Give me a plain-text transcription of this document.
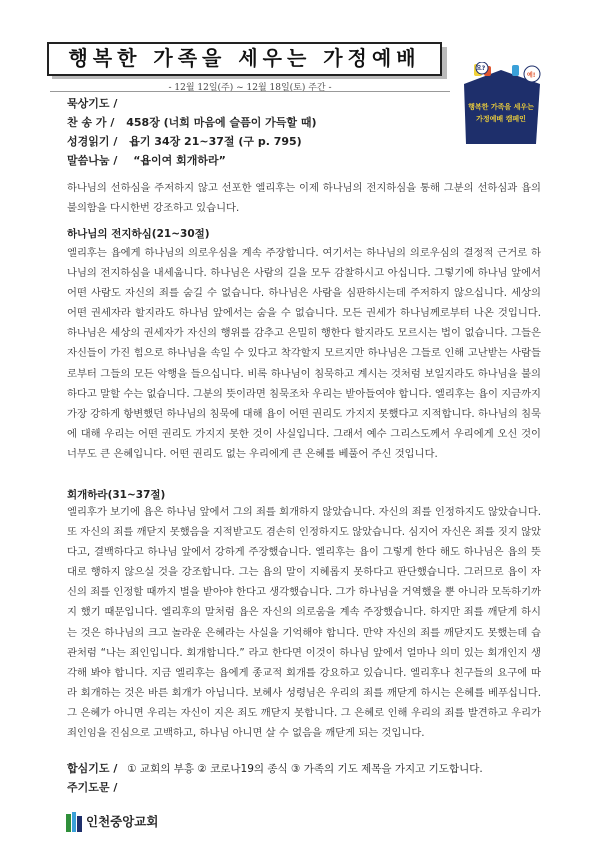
행복한 가족을 세우는 가정예배
- 12월 12일(주) ~ 12월 18일(토) 주간 -
요?
예!
행복한 가족을 세우는
가정예배 캠페인
묵상기도 /
찬 송 가 / 458장 (너희 마음에 슬픔이 가득할 때)
성경읽기 / 욥기 34장 21~37절 (구 p. 795)
말씀나눔 / “욥이여 회개하라”
하나님의 선하심을 주저하지 않고 선포한 엘리후는 이제 하나님의 전지하심을 통해 그분의 선하심과 욥의 불의함을 다시한번 강조하고 있습니다.
하나님의 전지하심(21~30절)
엘리후는 욥에게 하나님의 의로우심을 계속 주장합니다. 여기서는 하나님의 의로우심의 결정적 근거로 하나님의 전지하심을 내세웁니다. 하나님은 사람의 길을 모두 감찰하시고 아십니다. 그렇기에 하나님 앞에서 어떤 사람도 자신의 죄를 숨길 수 없습니다. 하나님은 사람을 심판하시는데 주저하지 않으십니다. 세상의 어떤 권세자라 할지라도 하나님 앞에서는 숨을 수 없습니다. 모든 권세가 하나님께로부터 나온 것입니다. 하나님은 세상의 권세자가 자신의 행위를 감추고 은밀히 행한다 할지라도 모르시는 법이 없습니다. 그들은 자신들이 가진 힘으로 하나님을 속일 수 있다고 착각할지 모르지만 하나님은 그들로 인해 고난받는 사람들로부터 그들의 모든 악행을 들으십니다. 비록 하나님이 침묵하고 계시는 것처럼 보일지라도 하나님을 불의하다고 말할 수는 없습니다. 그분의 뜻이라면 침묵조차 우리는 받아들여야 합니다. 엘리후는 욥이 지금까지 가장 강하게 항변했던 하나님의 침묵에 대해 욥이 어떤 권리도 가지지 못했다고 지적합니다. 하나님의 침묵에 대해 우리는 어떤 권리도 가지지 못한 것이 사실입니다. 그래서 예수 그리스도께서 우리에게 오신 것이 너무도 큰 은혜입니다. 어떤 권리도 없는 우리에게 큰 은혜를 베풀어 주신 것입니다.
회개하라(31~37절)
엘리후가 보기에 욥은 하나님 앞에서 그의 죄를 회개하지 않았습니다. 자신의 죄를 인정하지도 않았습니다. 또 자신의 죄를 깨닫지 못했음을 지적받고도 겸손히 인정하지도 않았습니다. 심지어 자신은 죄를 짓지 않았다고, 결백하다고 하나님 앞에서 강하게 주장했습니다. 엘리후는 욥이 그렇게 한다 해도 하나님은 욥의 뜻대로 행하지 않으실 것을 강조합니다. 그는 욥의 말이 지혜롭지 못하다고 판단했습니다. 그러므로 욥이 자신의 죄를 인정할 때까지 벌을 받아야 한다고 생각했습니다. 그가 하나님을 거역했을 뿐 아니라 모독하기까지 했기 때문입니다. 엘리후의 말처럼 욥은 자신의 의로움을 계속 주장했습니다. 하지만 죄를 깨닫게 하시는 것은 하나님의 크고 놀라운 은혜라는 사실을 기억해야 합니다. 만약 자신의 죄를 깨닫지도 못했는데 습관처럼 “나는 죄인입니다. 회개합니다.” 라고 한다면 이것이 하나님 앞에서 얼마나 의미 있는 회개인지 생각해 봐야 합니다. 지금 엘리후는 욥에게 종교적 회개를 강요하고 있습니다. 엘리후나 친구들의 요구에 따라 회개하는 것은 바른 회개가 아닙니다. 보혜사 성령님은 우리의 죄를 깨닫게 하시는 은혜를 베푸십니다. 그 은혜가 아니면 우리는 자신이 지은 죄도 깨닫지 못합니다. 그 은혜로 인해 우리의 죄를 발견하고 우리가 죄인임을 진심으로 고백하고, 하나님 아니면 살 수 없음을 깨닫게 되는 것입니다.
합심기도 / ① 교회의 부흥 ② 코로나19의 종식 ③ 가족의 기도 제목을 가지고 기도합니다.
주기도문 /
인천중앙교회
